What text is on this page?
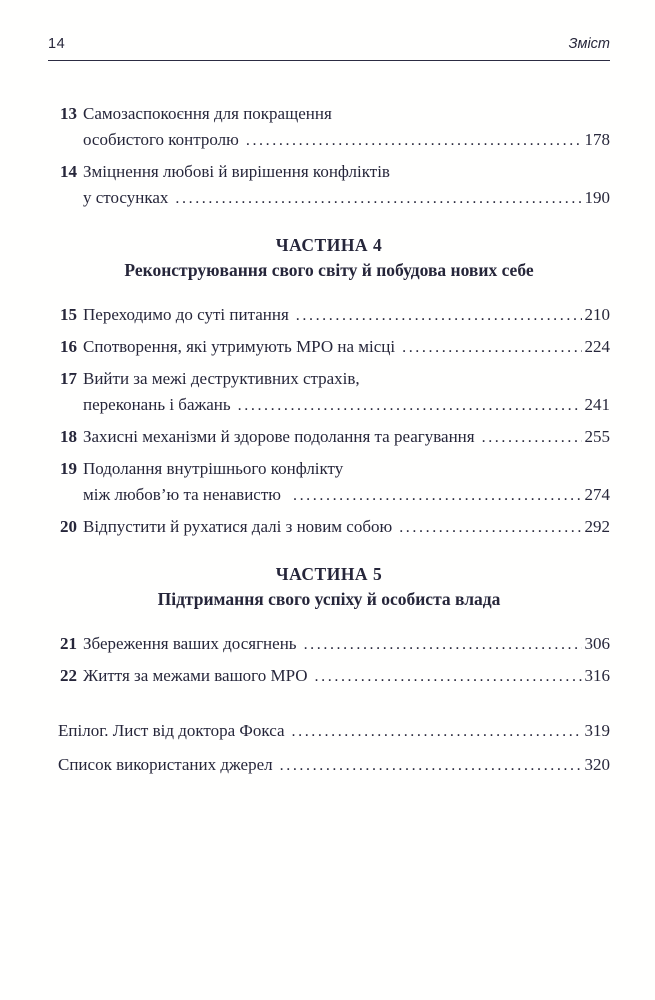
14	Зміст
13 Самозаспокоєння для покращення
особистого контролю .....	178
14 Зміцнення любові й вирішення конфліктів
у стосунках .....	190
ЧАСТИНА 4
Реконструювання свого світу й побудова нових себе
15 Переходимо до суті питання .....	210
16 Спотворення, які утримують МРО на місці .....	224
17 Вийти за межі деструктивних страхів,
переконань і бажань .....	241
18 Захисні механізми й здорове подолання та реагування .....	255
19 Подолання внутрішнього конфлікту
між любов’ю та ненавистю .....	274
20 Відпустити й рухатися далі з новим собою .....	292
ЧАСТИНА 5
Підтримання свого успіху й особиста влада
21 Збереження ваших досягнень .....	306
22 Життя за межами вашого МРО .....	316
Епілог. Лист від доктора Фокса .....	319
Список використаних джерел .....	320
